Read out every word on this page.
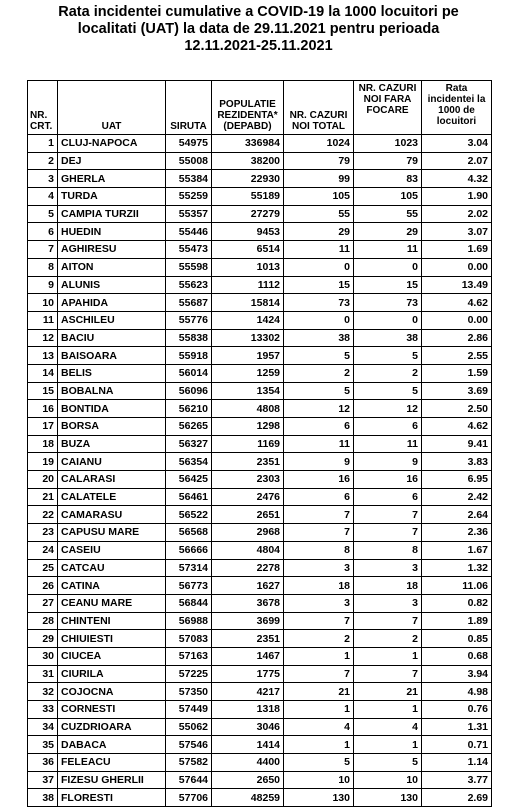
Rata incidentei cumulative a COVID-19 la 1000 locuitori pe
localitati (UAT) la data de 29.11.2021 pentru perioada
12.11.2021-25.11.2021
NR. CRT.	UAT	SIRUTA	POPULATIE REZIDENTA* (DEPABD)	NR. CAZURI NOI TOTAL	NR. CAZURI NOI FARA FOCARE	Rata incidentei la 1000 de locuitori
1	CLUJ-NAPOCA	54975	336984	1024	1023	3.04
2	DEJ	55008	38200	79	79	2.07
3	GHERLA	55384	22930	99	83	4.32
4	TURDA	55259	55189	105	105	1.90
5	CAMPIA TURZII	55357	27279	55	55	2.02
6	HUEDIN	55446	9453	29	29	3.07
7	AGHIRESU	55473	6514	11	11	1.69
8	AITON	55598	1013	0	0	0.00
9	ALUNIS	55623	1112	15	15	13.49
10	APAHIDA	55687	15814	73	73	4.62
11	ASCHILEU	55776	1424	0	0	0.00
12	BACIU	55838	13302	38	38	2.86
13	BAISOARA	55918	1957	5	5	2.55
14	BELIS	56014	1259	2	2	1.59
15	BOBALNA	56096	1354	5	5	3.69
16	BONTIDA	56210	4808	12	12	2.50
17	BORSA	56265	1298	6	6	4.62
18	BUZA	56327	1169	11	11	9.41
19	CAIANU	56354	2351	9	9	3.83
20	CALARASI	56425	2303	16	16	6.95
21	CALATELE	56461	2476	6	6	2.42
22	CAMARASU	56522	2651	7	7	2.64
23	CAPUSU MARE	56568	2968	7	7	2.36
24	CASEIU	56666	4804	8	8	1.67
25	CATCAU	57314	2278	3	3	1.32
26	CATINA	56773	1627	18	18	11.06
27	CEANU MARE	56844	3678	3	3	0.82
28	CHINTENI	56988	3699	7	7	1.89
29	CHIUIESTI	57083	2351	2	2	0.85
30	CIUCEA	57163	1467	1	1	0.68
31	CIURILA	57225	1775	7	7	3.94
32	COJOCNA	57350	4217	21	21	4.98
33	CORNESTI	57449	1318	1	1	0.76
34	CUZDRIOARA	55062	3046	4	4	1.31
35	DABACA	57546	1414	1	1	0.71
36	FELEACU	57582	4400	5	5	1.14
37	FIZESU GHERLII	57644	2650	10	10	3.77
38	FLORESTI	57706	48259	130	130	2.69
